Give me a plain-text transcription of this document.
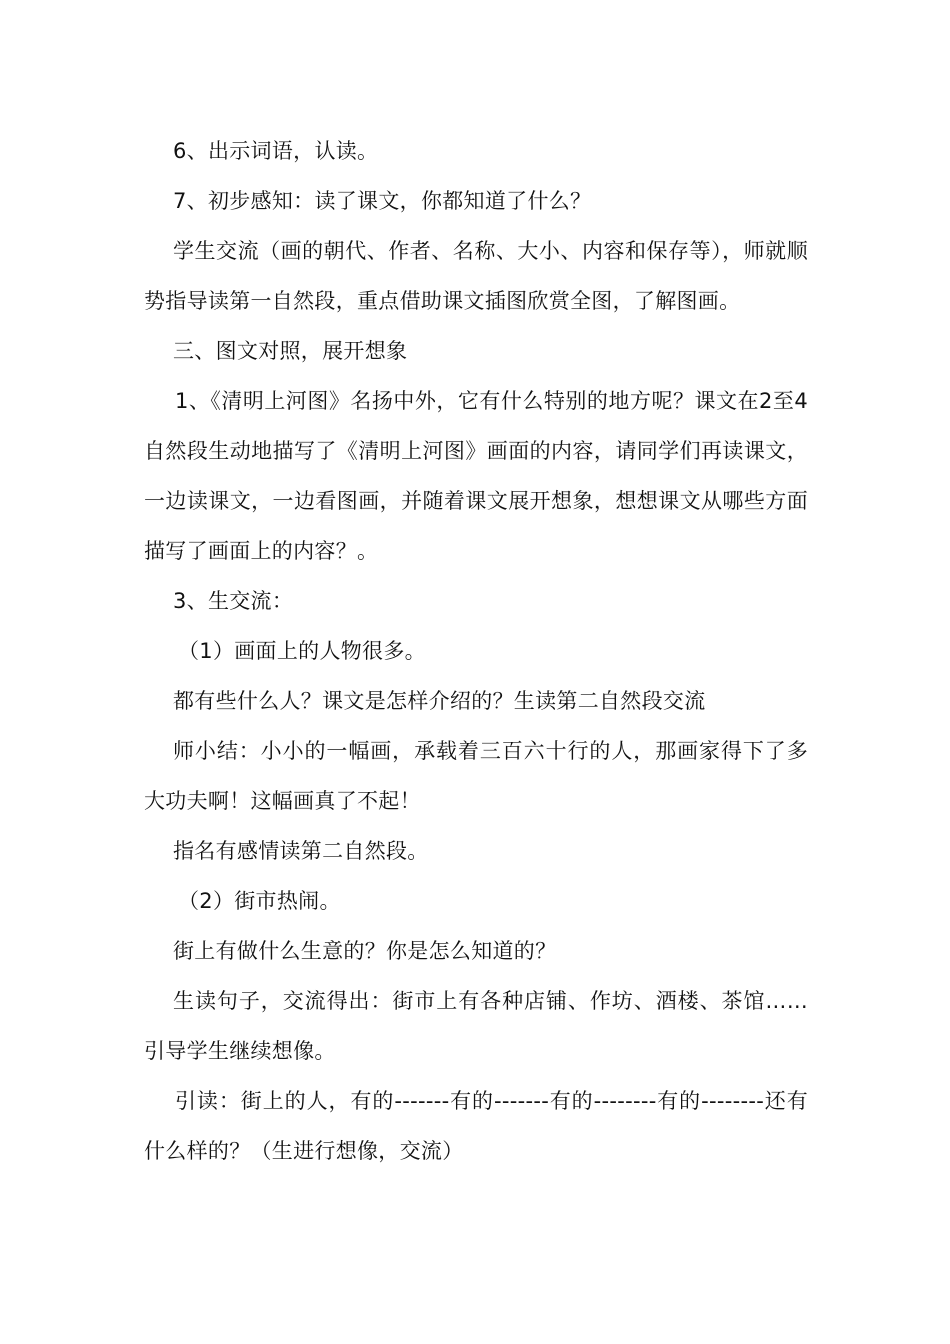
6、出示词语，认读。

7、初步感知：读了课文，你都知道了什么？

学生交流（画的朝代、作者、名称、大小、内容和保存等），师就顺势指导读第一自然段，重点借助课文插图欣赏全图，了解图画。

三、图文对照，展开想象

1、《清明上河图》名扬中外，它有什么特别的地方呢？课文在2至4自然段生动地描写了《清明上河图》画面的内容，请同学们再读课文，一边读课文，一边看图画，并随着课文展开想象，想想课文从哪些方面描写了画面上的内容？。

3、生交流：

（1）画面上的人物很多。

都有些什么人？课文是怎样介绍的？生读第二自然段交流

师小结：小小的一幅画，承载着三百六十行的人，那画家得下了多大功夫啊！这幅画真了不起！

指名有感情读第二自然段。

（2）街市热闹。

街上有做什么生意的？你是怎么知道的？

生读句子，交流得出：街市上有各种店铺、作坊、酒楼、茶馆……引导学生继续想像。

引读：街上的人，有的-------有的-------有的--------有的--------还有什么样的？（生进行想像，交流）
